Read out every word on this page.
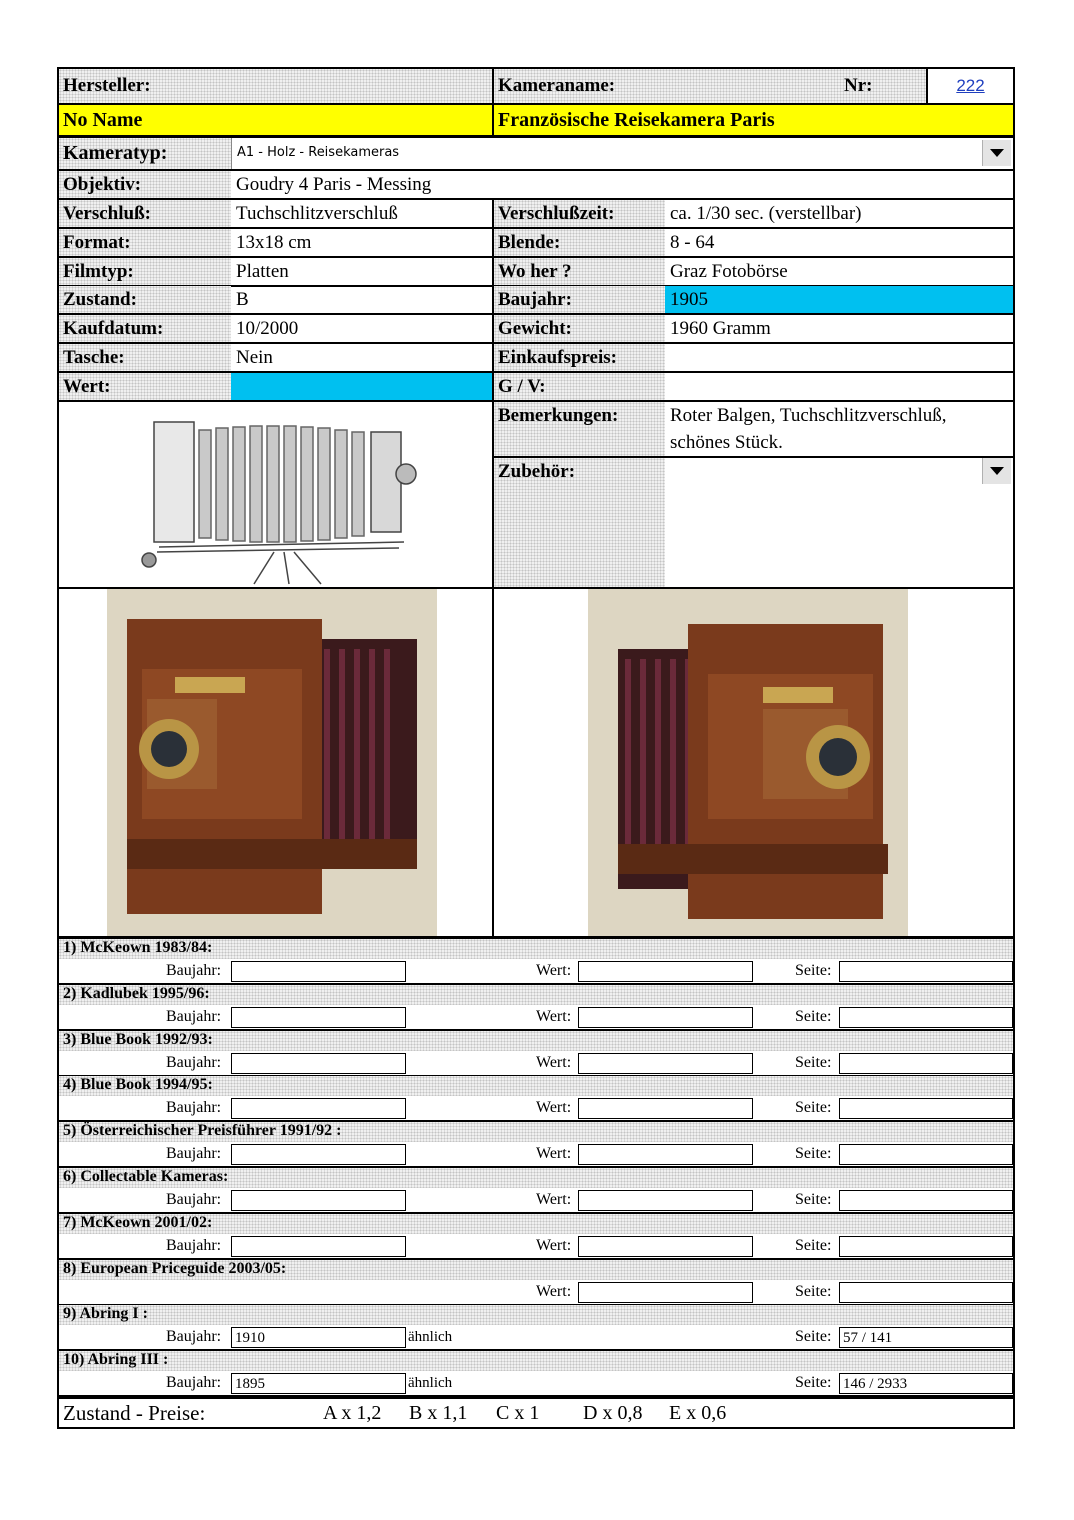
Hersteller:	Kameraname:	Nr:	222
No Name	Französische Reisekamera Paris
Kameratyp:	A1 - Holz - Reisekameras
Objektiv:	Goudry 4 Paris - Messing
Verschluß:	Tuchschlitzverschluß	Verschlußzeit:	ca. 1/30 sec. (verstellbar)
Format:	13x18 cm	Blende:	8 - 64
Filmtyp:	Platten	Wo her ?	Graz Fotobörse
Zustand:	B	Baujahr:	1905
Kaufdatum:	10/2000	Gewicht:	1960 Gramm
Tasche:	Nein	Einkaufspreis:
Wert:	G / V:
Bemerkungen:	Roter Balgen, Tuchschlitzverschluß,
schönes Stück.
Zubehör:
1) McKeown 1983/84:
Baujahr:	Wert:	Seite:
2) Kadlubek 1995/96:
Baujahr:	Wert:	Seite:
3) Blue Book 1992/93:
Baujahr:	Wert:	Seite:
4) Blue Book 1994/95:
Baujahr:	Wert:	Seite:
5) Österreichischer Preisführer 1991/92 :
Baujahr:	Wert:	Seite:
6) Collectable Kameras:
Baujahr:	Wert:	Seite:
7) McKeown 2001/02:
Baujahr:	Wert:	Seite:
8) European Priceguide 2003/05:
Wert:	Seite:
9) Abring I :
Baujahr: 1910	ähnlich	Seite: 57 / 141
10) Abring III :
Baujahr: 1895	ähnlich	Seite: 146 / 2933
Zustand - Preise:	A x 1,2 B x 1,1 C x 1 D x 0,8 E x 0,6
